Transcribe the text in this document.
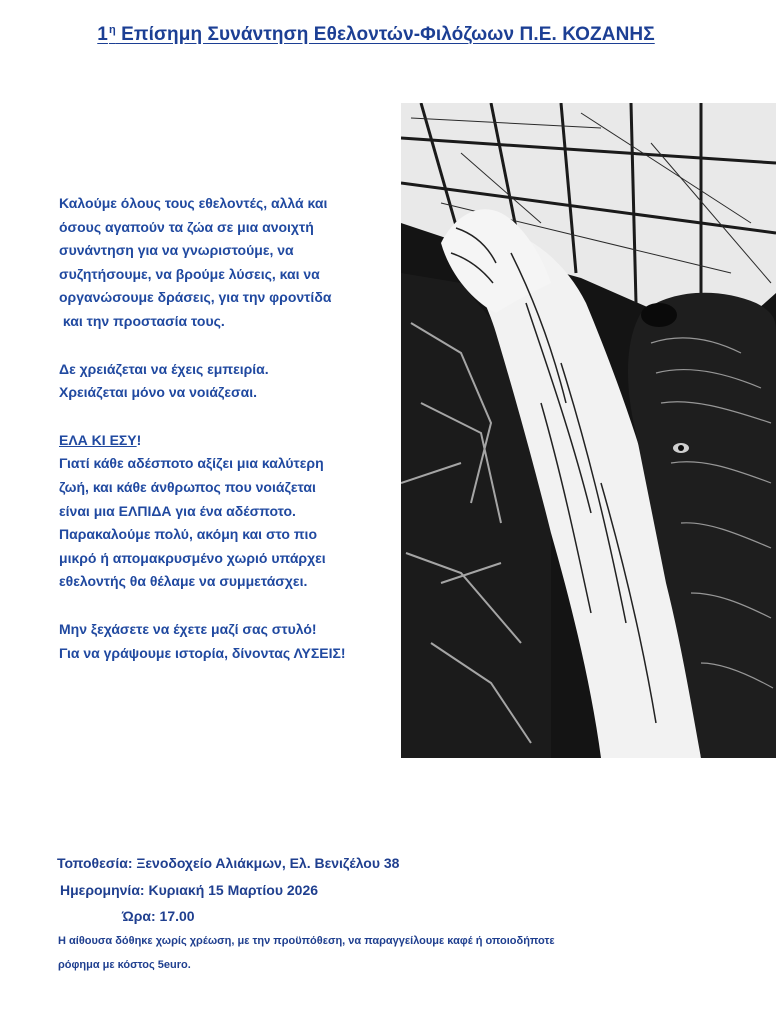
$1^\eta$ Επίσημη Συνάντηση Εθελοντών-Φιλόζωων Π.Ε. ΚΟΖΑΝΗΣ
Καλούμε όλους τους εθελοντές, αλλά και
όσους αγαπούν τα ζώα σε μια ανοιχτή
συνάντηση για να γνωριστούμε, να
συζητήσουμε, να βρούμε λύσεις, και να
οργανώσουμε δράσεις, για την φροντίδα
και την προστασία τους.
Δε χρειάζεται να έχεις εμπειρία.
Χρειάζεται μόνο να νοιάζεσαι.
ΕΛΑ ΚΙ ΕΣΥ!
Γιατί κάθε αδέσποτο αξίζει μια καλύτερη
ζωή, και κάθε άνθρωπος που νοιάζεται
είναι μια ΕΛΠΙΔΑ για ένα αδέσποτο.
Παρακαλούμε πολύ, ακόμη και στο πιο
μικρό ή απομακρυσμένο χωριό υπάρχει
εθελοντής θα θέλαμε να συμμετάσχει.
Μην ξεχάσετε να έχετε μαζί σας στυλό!
Για να γράψουμε ιστορία, δίνοντας ΛΥΣΕΙΣ!
Τοποθεσία: Ξενοδοχείο Αλιάκμων, Ελ. Βενιζέλου 38
Ημερομηνία: Κυριακή 15 Μαρτίου 2026
Ώρα: 17.00
Η αίθουσα δόθηκε χωρίς χρέωση, με την προϋπόθεση, να παραγγείλουμε καφέ ή οποιοδήποτε
ρόφημα με κόστος 5euro.
